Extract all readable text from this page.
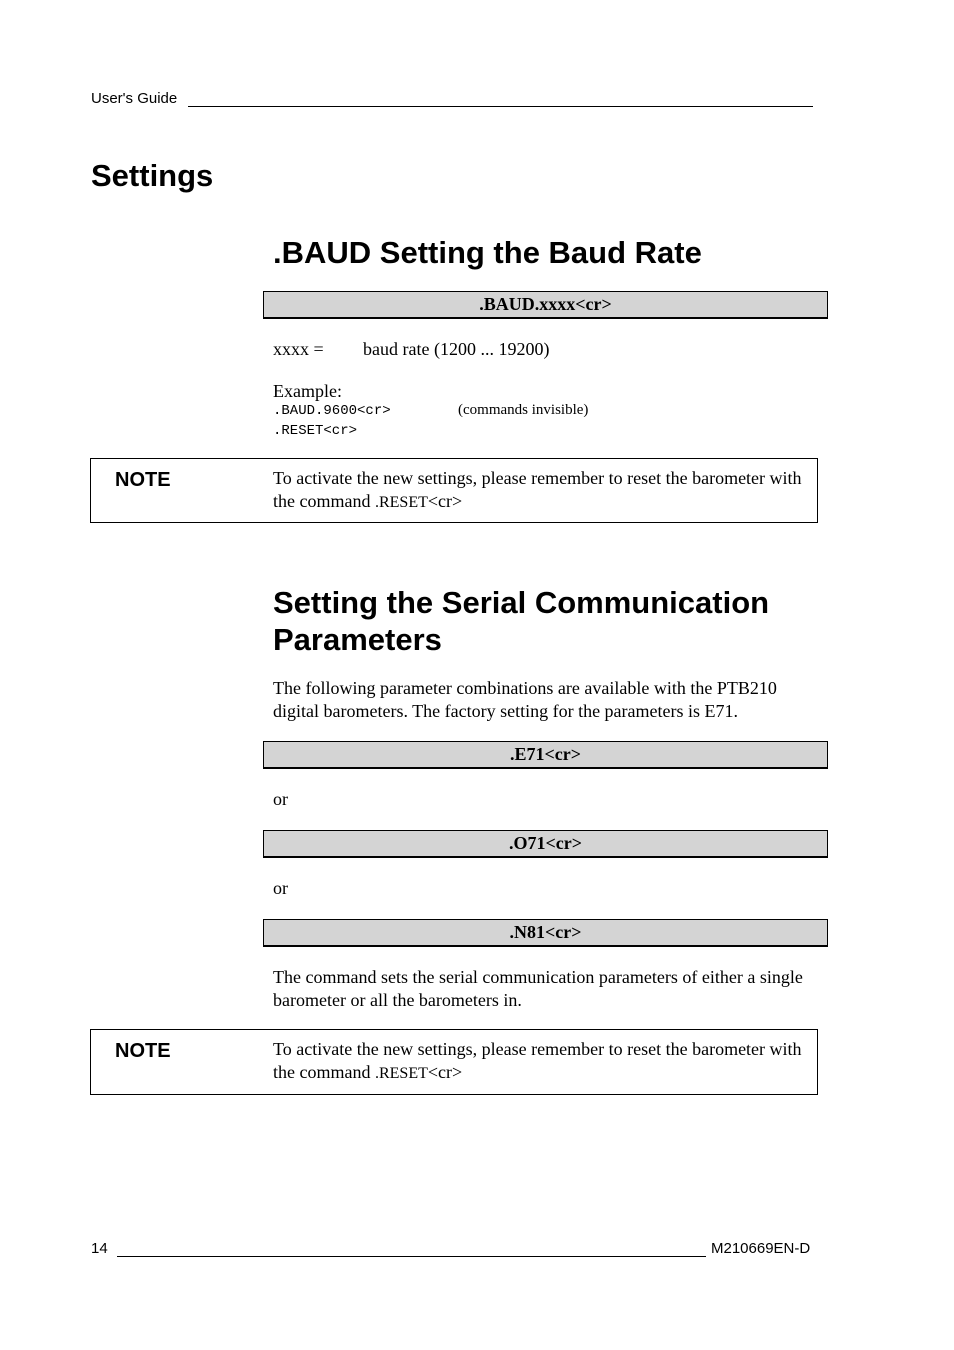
User's Guide
Settings
.BAUD Setting the Baud Rate
.BAUD.xxxx<cr>
xxxx = baud rate (1200 ... 19200)
Example:
.BAUD.9600<cr>	(commands invisible)
.RESET<cr>
NOTE	To activate the new settings, please remember to reset the barometer with the command .RESET<cr>
Setting the Serial Communication
Parameters
The following parameter combinations are available with the PTB210 digital barometers. The factory setting for the parameters is E71.
.E71<cr>
or
.O71<cr>
or
.N81<cr>
The command sets the serial communication parameters of either a single barometer or all the barometers in.
NOTE	To activate the new settings, please remember to reset the barometer with the command .RESET<cr>
14	M210669EN-D
